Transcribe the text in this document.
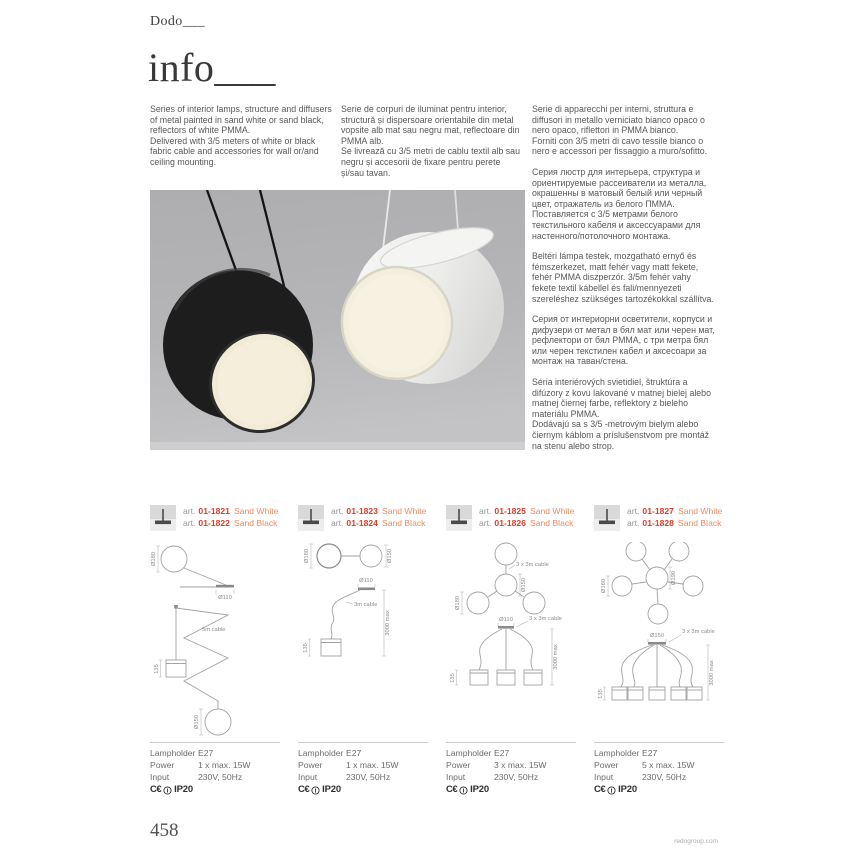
Dodo___
info___

Series of interior lamps, structure and diffusers of metal painted in sand white or sand black, reflectors of white PMMA.

Delivered with 3/5 meters of white or black fabric cable and accessories for wall or/and ceiling mounting.

Serie de corpuri de iluminat pentru interior, structură și dispersoare orientabile din metal vopsite alb mat sau negru mat, reflectoare din PMMA alb.

Se livrează cu 3/5 metri de cablu textil alb sau negru și accesorii de fixare pentru perete și/sau tavan.

Serie di apparecchi per interni, struttura e diffusori in metallo verniciato bianco opaco o nero opaco, riflettori in PMMA bianco.

Forniti con 3/5 metri di cavo tessile bianco o nero e accessori per fissaggio a muro/sofitto.

Серия люстр для интерьера, структура и ориентируемые рассеиватели из металла, окрашенны в матовый белый или черный цвет, отражатель из белого ПММА.

Поставляется с 3/5 метрами белого текстильного кабеля и аксессуарами для настенного/потолочного монтажа.

Beltéri lámpa testek, mozgatható ernyő és fémszerkezet, matt fehér vagy matt fekete, fehér PMMA diszperzór. 3/5m fehér vahy fekete textil kábellel és fali/mennyezeti szereléshez szükséges tartozékokkal szállítva.

Серия от интериорни осветители, корпуси и дифузери от метал в бял мат или черен мат, рефлектори от бял PMMA, с три метра бял или черен текстилен кабел и аксесоари за монтаж на таван/стена.

Séria interiérových svietidiel, štruktúra a difúzory z kovu lakované v matnej bielej alebo matnej čiernej farbe, reflektory z bieleho materiálu PMMA.

Dodávajú sa s 3/5 -metrovým bielym alebo čiernym káblom a príslušenstvom pre montáž na stenu alebo strop.

art. 01-1821 Sand White
art. 01-1822 Sand Black
Ø180
Ø110
5m cable
135
Ø150
Lampholder E27
Power	1 x max. 15W
Input	230V, 50Hz
C€ IP20
art. 01-1823 Sand White
art. 01-1824 Sand Black
Ø180	Ø150
Ø110
3m cable
3000 max
135
Lampholder E27
Power	1 x max. 15W
Input	230V, 50Hz
C€ IP20
art. 01-1825 Sand White
art. 01-1826 Sand Black
3 x 3m cable
Ø150
Ø180
Ø110	3 x 3m cable
135
3000 max
Lampholder E27
Power	3 x max. 15W
Input	230V, 50Hz
C€ IP20
art. 01-1827 Sand White
art. 01-1828 Sand Black
Ø190
Ø180
3 x 3m cable
Ø150
135
3000 max
Lampholder E27
Power	5 x max. 15W
Input	230V, 50Hz
C€ IP20
458
redogroup.com
